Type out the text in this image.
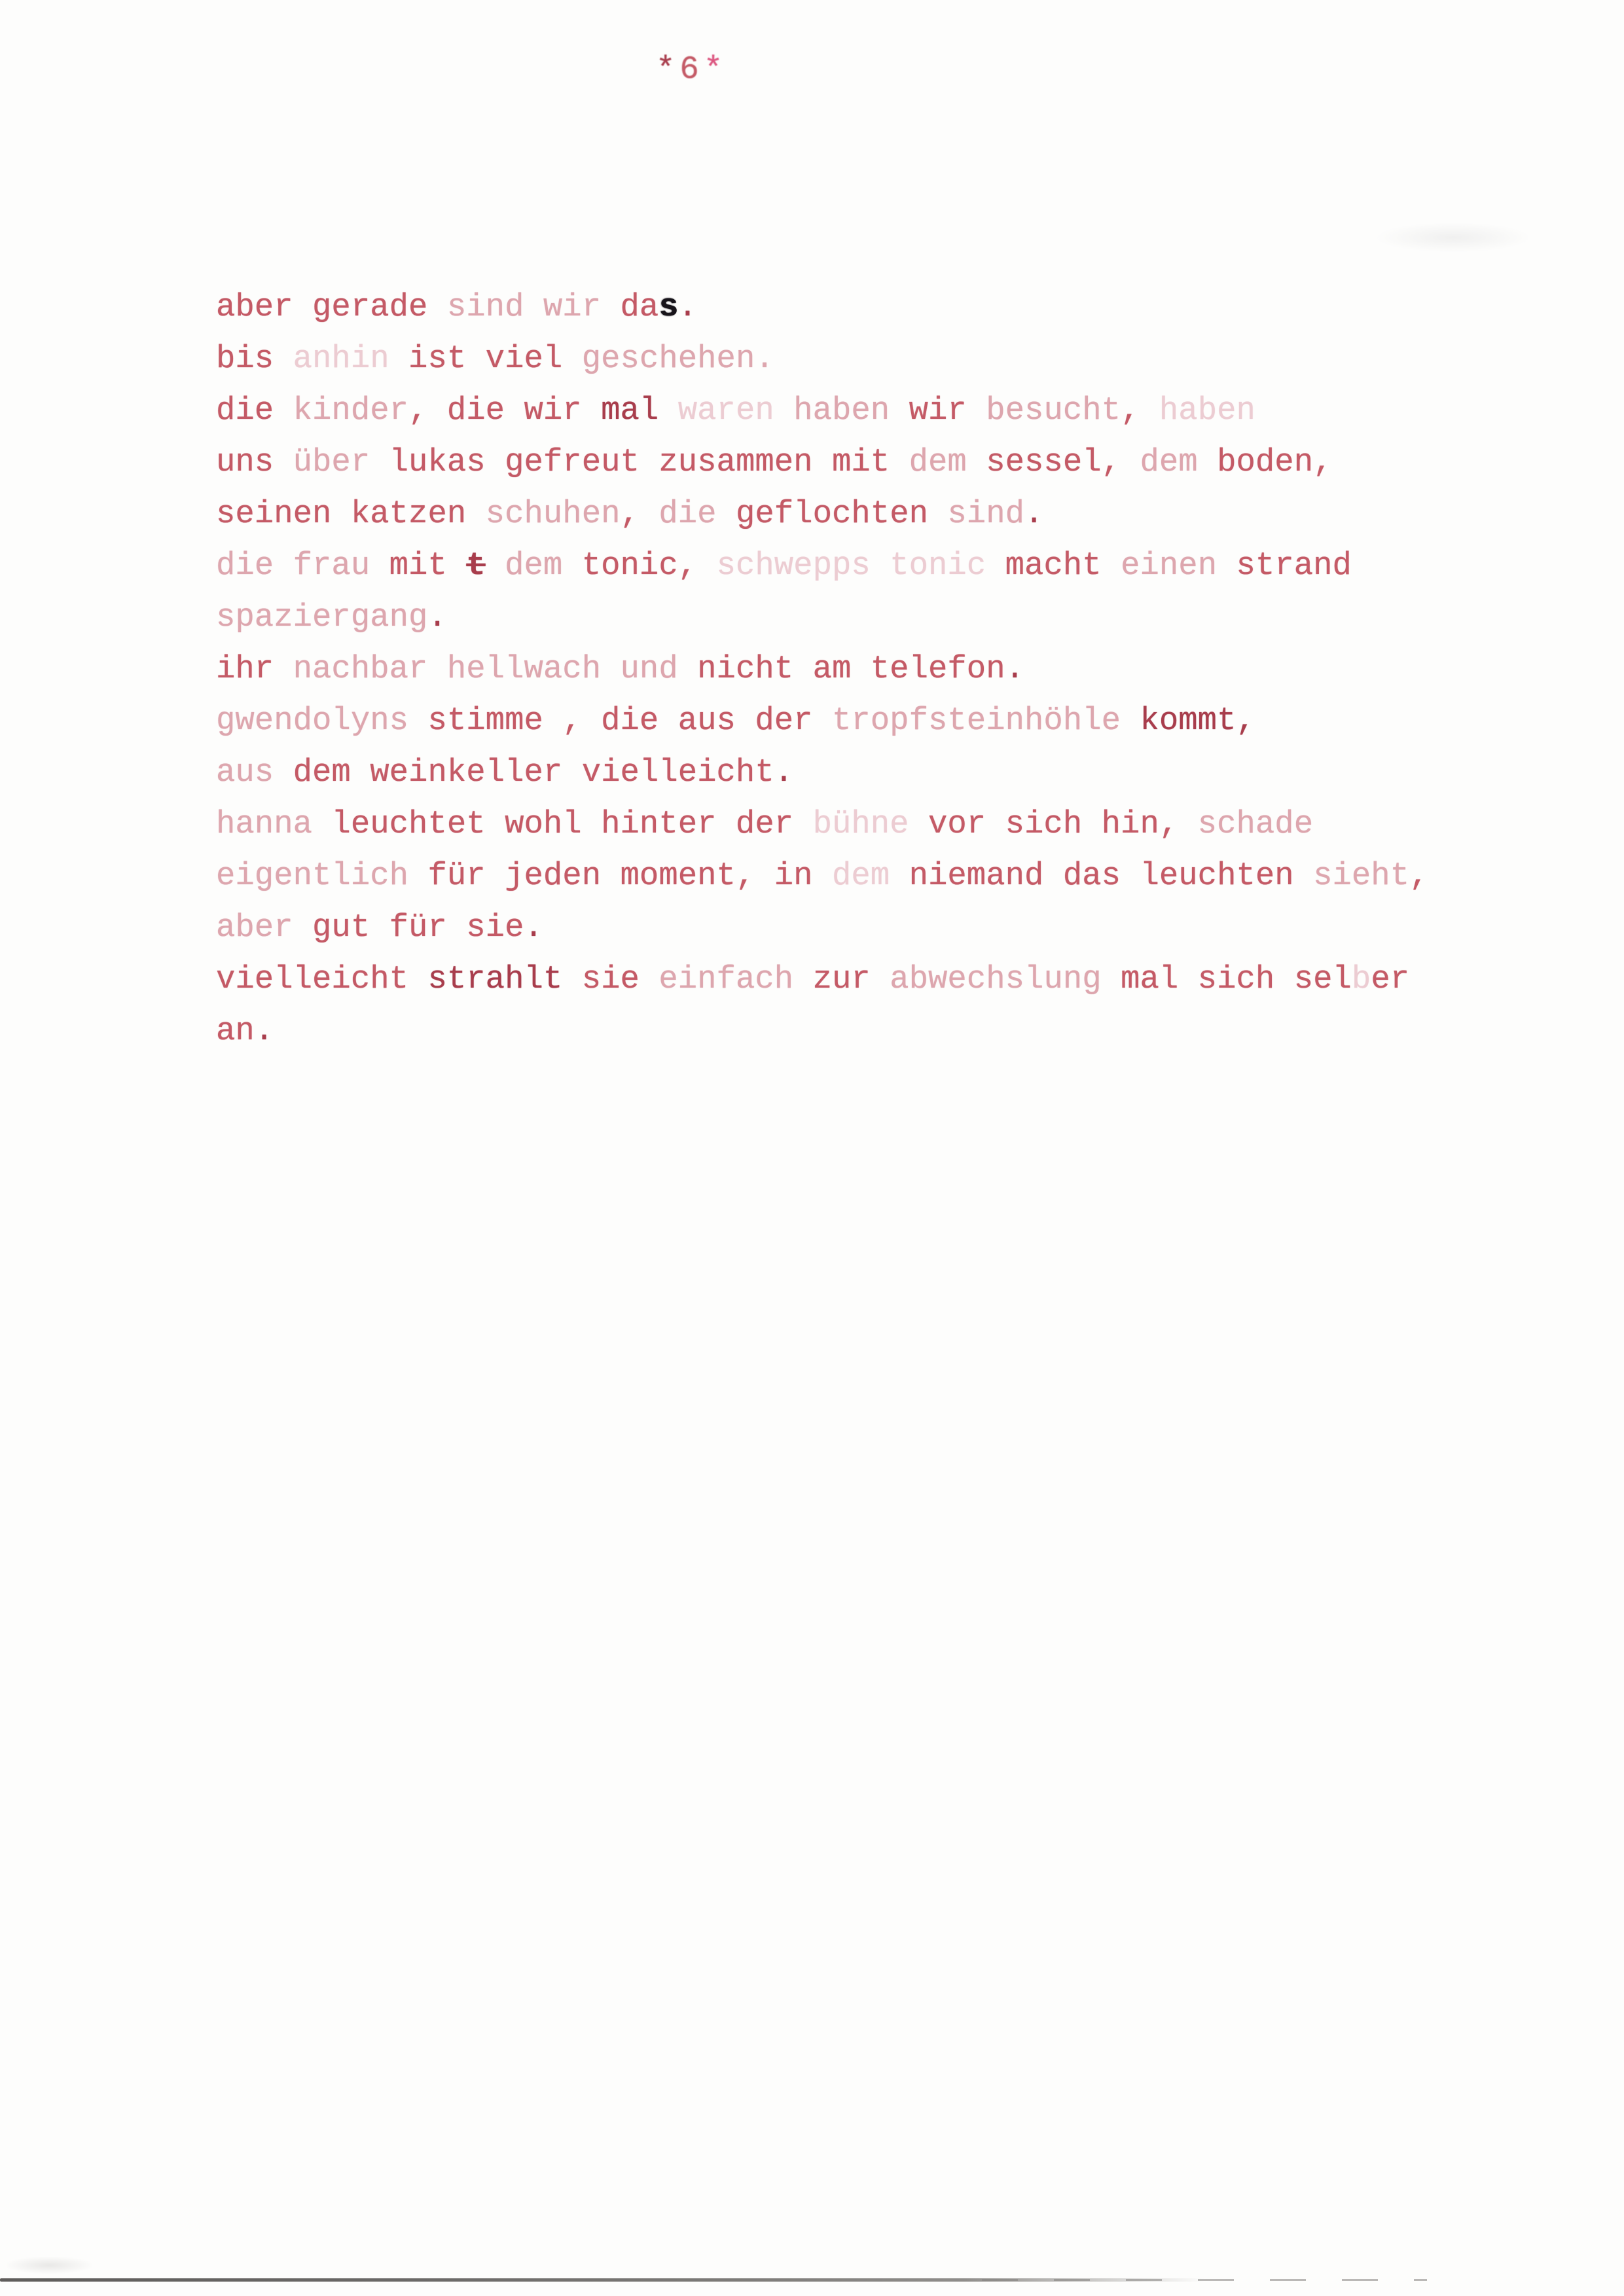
*6*
aber gerade sind wir das.
bis anhin ist viel geschehen.
die kinder, die wir mal waren haben wir besucht, haben
uns über lukas gefreut zusammen mit dem sessel, dem boden,
seinen katzen schuhen, die geflochten sind.
die frau mit t dem tonic, schwepps tonic macht einen strand
spaziergang.
ihr nachbar hellwach und nicht am telefon.
gwendolyns stimme , die aus der tropfsteinhöhle kommt,
aus dem weinkeller vielleicht.
hanna leuchtet wohl hinter der bühne vor sich hin, schade
eigentlich für jeden moment, in dem niemand das leuchten sieht,
aber gut für sie.
vielleicht strahlt sie einfach zur abwechslung mal sich selber
an.
